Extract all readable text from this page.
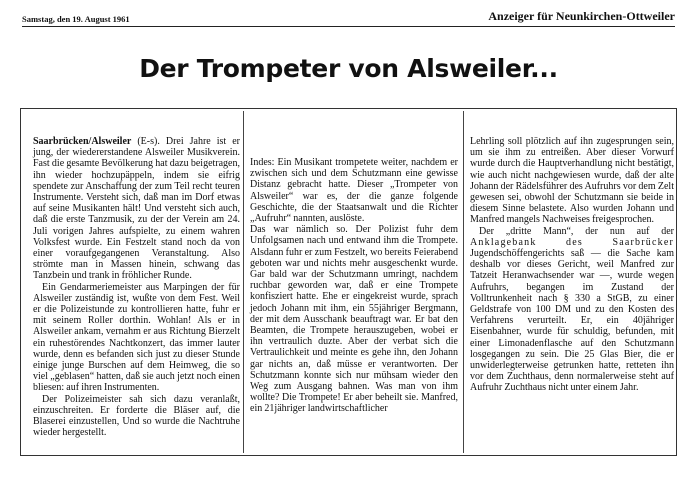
Samstag, den 19. August 1961	Anzeiger für Neunkirchen-Ottweiler
Der Trompeter von Alsweiler...

Saarbrücken/Alsweiler (E-s). Drei Jahre ist er jung, der wiedererstandene Alsweiler Musikverein. Fast die gesamte Bevölkerung hat dazu beigetragen, ihn wieder hochzupäppeln, indem sie eifrig spendete zur Anschaffung der zum Teil recht teuren Instrumente. Versteht sich, daß man im Dorf etwas auf seine Musikanten hält! Und versteht sich auch, daß die erste Tanzmusik, zu der der Verein am 24. Juli vorigen Jahres aufspielte, zu einem wahren Volksfest wurde. Ein Festzelt stand noch da von einer voraufgegangenen Veranstaltung. Also strömte man in Massen hinein, schwang das Tanzbein und trank in fröhlicher Runde.

Ein Gendarmeriemeister aus Marpingen der für Alsweiler zuständig ist, wußte von dem Fest. Weil er die Polizeistunde zu kontrollieren hatte, fuhr er mit seinem Roller dorthin. Wohlan! Als er in Alsweiler ankam, vernahm er aus Richtung Bierzelt ein ruhestörendes Nachtkonzert, das immer lauter wurde, denn es befanden sich just zu dieser Stunde einige junge Burschen auf dem Heimweg, die so viel „geblasen“ hatten, daß sie auch jetzt noch einen bliesen: auf ihren Instrumenten.

Der Polizeimeister sah sich dazu veranlaßt, einzuschreiten. Er forderte die Bläser auf, die Blaserei einzustellen, Und so wurde die Nachtruhe wieder hergestellt.

Indes: Ein Musikant trompetete weiter, nachdem er zwischen sich und dem Schutzmann eine gewisse Distanz gebracht hatte. Dieser „Trompeter von Alsweiler“ war es, der die ganze folgende Geschichte, die der Staatsanwalt und die Richter „Aufruhr“ nannten, auslöste.

Das war nämlich so. Der Polizist fuhr dem Unfolgsamen nach und entwand ihm die Trompete. Alsdann fuhr er zum Festzelt, wo bereits Feierabend geboten war und nichts mehr ausgeschenkt wurde. Gar bald war der Schutzmann umringt, nachdem ruchbar geworden war, daß er eine Trompete konfisziert hatte. Ehe er eingekreist wurde, sprach jedoch Johann mit ihm, ein 55jähriger Bergmann, der mit dem Ausschank beauftragt war. Er bat den Beamten, die Trompete herauszugeben, wobei er ihn vertraulich duzte. Aber der verbat sich die Vertraulichkeit und meinte es gehe ihn, den Johann gar nichts an, daß müsse er verantworten. Der Schutzmann konnte sich nur mühsam wieder den Weg zum Ausgang bahnen. Was man von ihm wollte? Die Trompete! Er aber beheilt sie. Manfred, ein 21jähriger landwirtschaftlicher

Lehrling soll plötzlich auf ihn zugesprungen sein, um sie ihm zu entreißen. Aber dieser Vorwurf wurde durch die Hauptverhandlung nicht bestätigt, wie auch nicht nachgewiesen wurde, daß der alte Johann der Rädelsführer des Aufruhrs vor dem Zelt gewesen sei, obwohl der Schutzmann sie beide in diesem Sinne belastete. Also wurden Johann und Manfred mangels Nachweises freigesprochen.

Der „dritte Mann“, der nun auf der Anklagebank des Saarbrücker Jugendschöffengerichts saß — die Sache kam deshalb vor dieses Gericht, weil Manfred zur Tatzeit Heranwachsender war —, wurde wegen Aufruhrs, begangen im Zustand der Volltrunkenheit nach § 330 a StGB, zu einer Geldstrafe von 100 DM und zu den Kosten des Verfahrens verurteilt. Er, ein 40jähriger Eisenbahner, wurde für schuldig, befunden, mit einer Limonadenflasche auf den Schutzmann losgegangen zu sein. Die 25 Glas Bier, die er unwiderlegterweise getrunken hatte, retteten ihn vor dem Zuchthaus, denn normalerweise steht auf Aufruhr Zuchthaus nicht unter einem Jahr.
